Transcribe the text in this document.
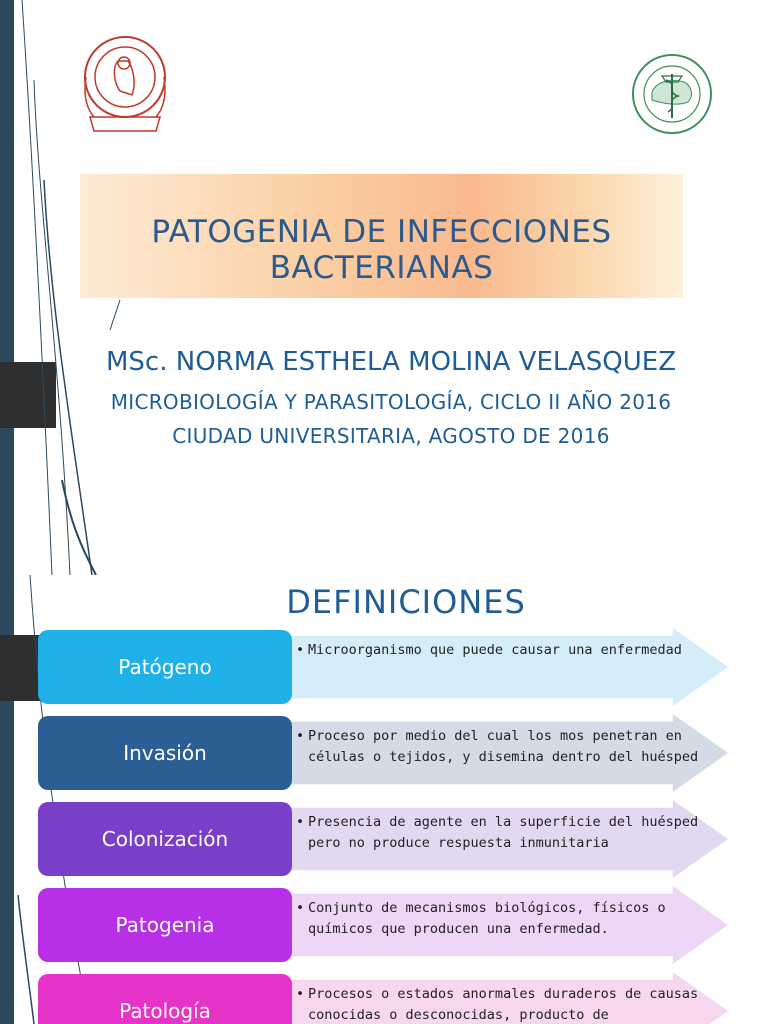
PATOGENIA DE INFECCIONES
BACTERIANAS
MSc. NORMA ESTHELA MOLINA VELASQUEZ
MICROBIOLOGÍA Y PARASITOLOGÍA, CICLO II AÑO 2016
CIUDAD UNIVERSITARIA, AGOSTO DE 2016
DEFINICIONES
Patógeno
• Microorganismo que puede causar una enfermedad
Invasión
• Proceso por medio del cual los mos penetran en células o tejidos, y disemina dentro del huésped
Colonización
• Presencia de agente en la superficie del huésped pero no produce respuesta inmunitaria
Patogenia
• Conjunto de mecanismos biológicos, físicos o químicos que producen una enfermedad.
Patología
• Procesos o estados anormales duraderos de causas conocidas o desconocidas, producto de
